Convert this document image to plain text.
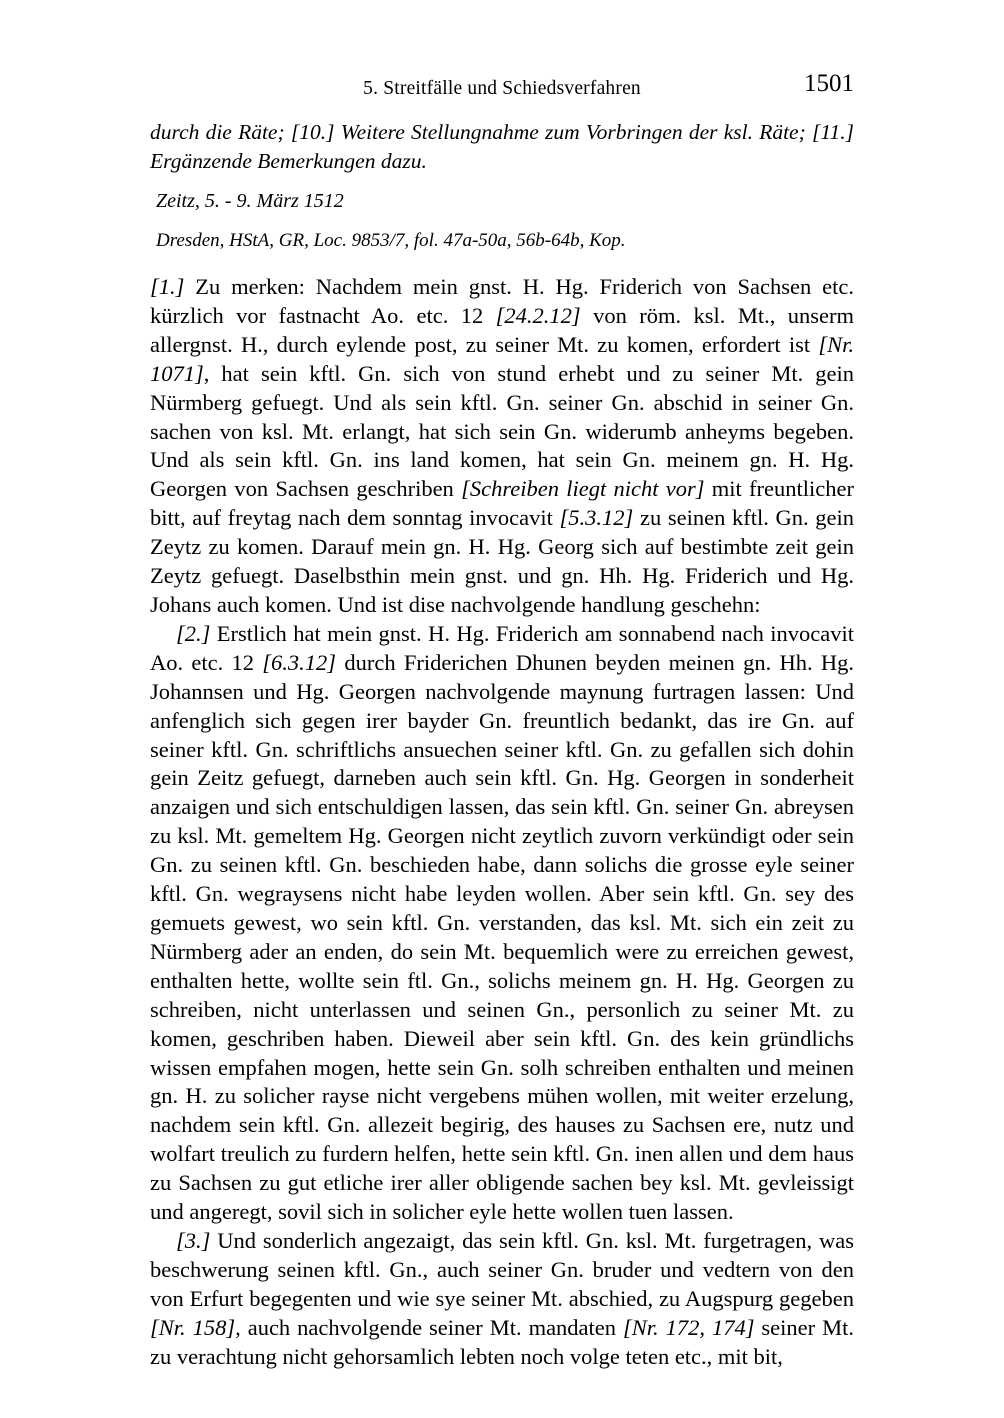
5. Streitfälle und Schiedsverfahren	1501
durch die Räte; [10.] Weitere Stellungnahme zum Vorbringen der ksl. Räte; [11.] Ergänzende Bemerkungen dazu.
Zeitz, 5. - 9. März 1512
Dresden, HStA, GR, Loc. 9853/7, fol. 47a-50a, 56b-64b, Kop.

[1.] Zu merken: Nachdem mein gnst. H. Hg. Friderich von Sachsen etc. kürzlich vor fastnacht Ao. etc. 12 [24.2.12] von röm. ksl. Mt., unserm allergnst. H., durch eylende post, zu seiner Mt. zu komen, erfordert ist [Nr. 1071], hat sein kftl. Gn. sich von stund erhebt und zu seiner Mt. gein Nürmberg gefuegt. Und als sein kftl. Gn. seiner Gn. abschid in seiner Gn. sachen von ksl. Mt. erlangt, hat sich sein Gn. widerumb anheyms begeben. Und als sein kftl. Gn. ins land komen, hat sein Gn. meinem gn. H. Hg. Georgen von Sachsen geschriben [Schreiben liegt nicht vor] mit freuntlicher bitt, auf freytag nach dem sonntag invocavit [5.3.12] zu seinen kftl. Gn. gein Zeytz zu komen. Darauf mein gn. H. Hg. Georg sich auf bestimbte zeit gein Zeytz gefuegt. Daselbsthin mein gnst. und gn. Hh. Hg. Friderich und Hg. Johans auch komen. Und ist dise nachvolgende handlung geschehn:

[2.] Erstlich hat mein gnst. H. Hg. Friderich am sonnabend nach invocavit Ao. etc. 12 [6.3.12] durch Friderichen Dhunen beyden meinen gn. Hh. Hg. Johannsen und Hg. Georgen nachvolgende maynung furtragen lassen: Und anfenglich sich gegen irer bayder Gn. freuntlich bedankt, das ire Gn. auf seiner kftl. Gn. schriftlichs ansuechen seiner kftl. Gn. zu gefallen sich dohin gein Zeitz gefuegt, darneben auch sein kftl. Gn. Hg. Georgen in sonderheit anzaigen und sich entschuldigen lassen, das sein kftl. Gn. seiner Gn. abreysen zu ksl. Mt. gemeltem Hg. Georgen nicht zeytlich zuvorn verkündigt oder sein Gn. zu seinen kftl. Gn. beschieden habe, dann solichs die grosse eyle seiner kftl. Gn. wegraysens nicht habe leyden wollen. Aber sein kftl. Gn. sey des gemuets gewest, wo sein kftl. Gn. verstanden, das ksl. Mt. sich ein zeit zu Nürmberg ader an enden, do sein Mt. bequemlich were zu erreichen gewest, enthalten hette, wollte sein ftl. Gn., solichs meinem gn. H. Hg. Georgen zu schreiben, nicht unterlassen und seinen Gn., personlich zu seiner Mt. zu komen, geschriben haben. Dieweil aber sein kftl. Gn. des kein gründlichs wissen empfahen mogen, hette sein Gn. solh schreiben enthalten und meinen gn. H. zu solicher rayse nicht vergebens mühen wollen, mit weiter erzelung, nachdem sein kftl. Gn. allezeit begirig, des hauses zu Sachsen ere, nutz und wolfart treulich zu furdern helfen, hette sein kftl. Gn. inen allen und dem haus zu Sachsen zu gut etliche irer aller obligende sachen bey ksl. Mt. gevleissigt und angeregt, sovil sich in solicher eyle hette wollen tuen lassen.

[3.] Und sonderlich angezaigt, das sein kftl. Gn. ksl. Mt. furgetragen, was beschwerung seinen kftl. Gn., auch seiner Gn. bruder und vedtern von den von Erfurt begegenten und wie sye seiner Mt. abschied, zu Augspurg gegeben [Nr. 158], auch nachvolgende seiner Mt. mandaten [Nr. 172, 174] seiner Mt. zu verachtung nicht gehorsamlich lebten noch volge teten etc., mit bit,
